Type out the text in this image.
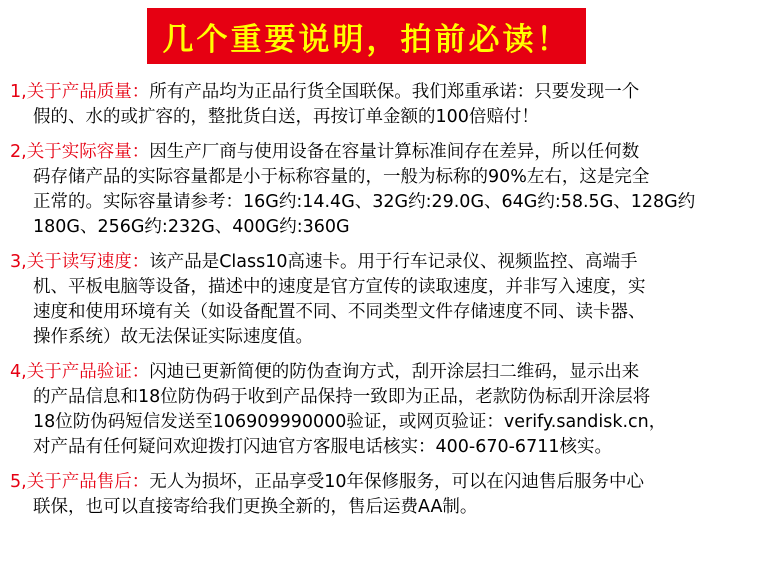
几个重要说明，拍前必读！
1,关于产品质量：所有产品均为正品行货全国联保。我们郑重承诺：只要发现一个
假的、水的或扩容的，整批货白送，再按订单金额的100倍赔付！
2,关于实际容量：因生产厂商与使用设备在容量计算标准间存在差异，所以任何数
码存储产品的实际容量都是小于标称容量的，一般为标称的90%左右，这是完全
正常的。实际容量请参考：16G约:14.4G、32G约:29.0G、64G约:58.5G、128G约
180G、256G约:232G、400G约:360G
3,关于读写速度：该产品是Class10高速卡。用于行车记录仪、视频监控、高端手
机、平板电脑等设备，描述中的速度是官方宣传的读取速度，并非写入速度，实
速度和使用环境有关（如设备配置不同、不同类型文件存储速度不同、读卡器、
操作系统）故无法保证实际速度值。
4,关于产品验证：闪迪已更新简便的防伪查询方式，刮开涂层扫二维码，显示出来
的产品信息和18位防伪码于收到产品保持一致即为正品，老款防伪标刮开涂层将
18位防伪码短信发送至106909990000验证，或网页验证：verify.sandisk.cn，
对产品有任何疑问欢迎拨打闪迪官方客服电话核实：400-670-6711核实。
5,关于产品售后：无人为损坏，正品享受10年保修服务，可以在闪迪售后服务中心
联保，也可以直接寄给我们更换全新的，售后运费AA制。
